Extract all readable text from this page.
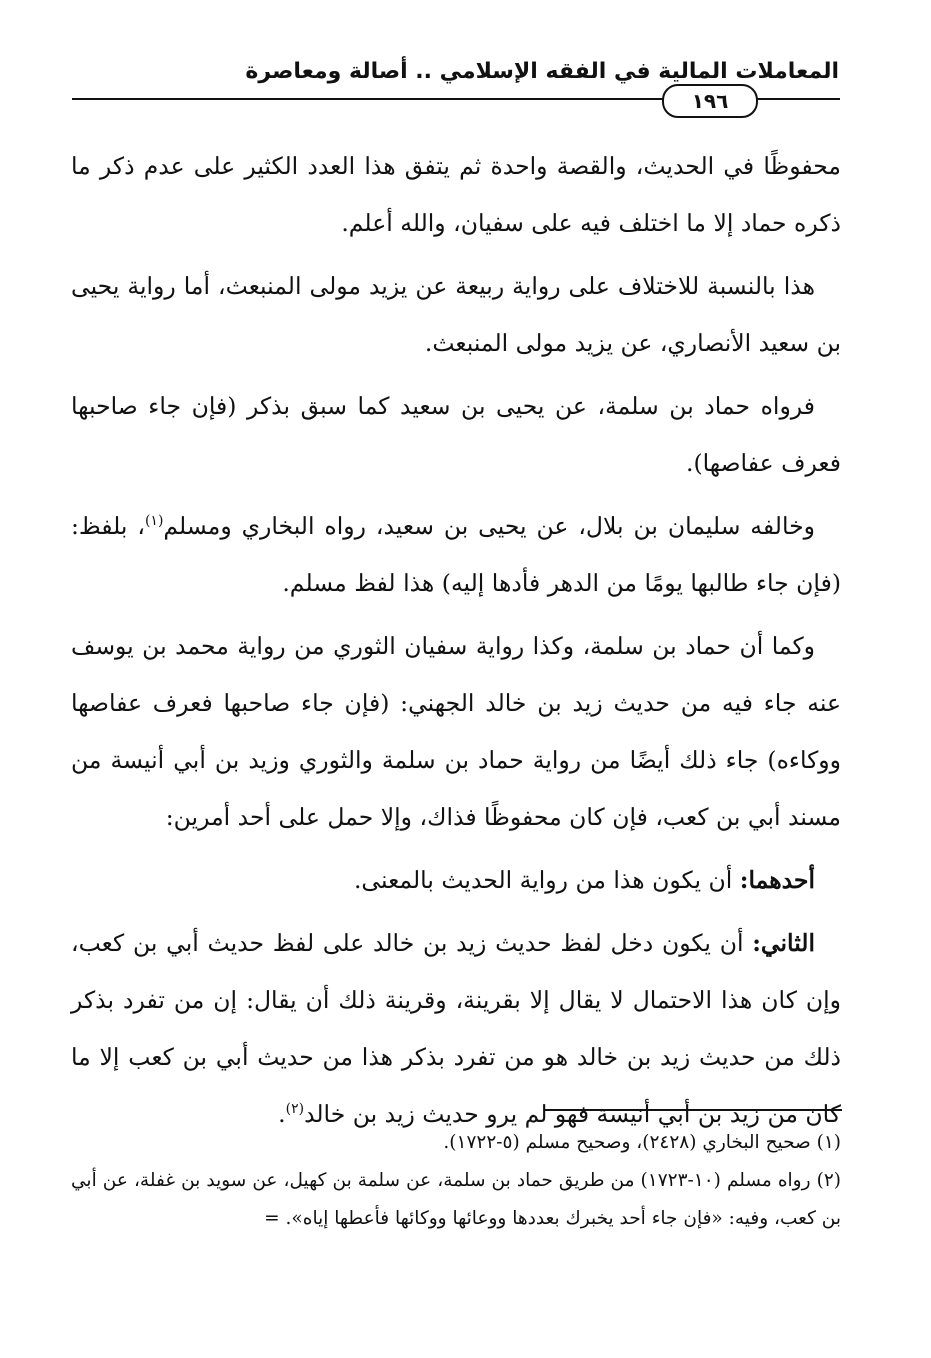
المعاملات المالية في الفقه الإسلامي .. أصالة ومعاصرة
١٩٦

محفوظًا في الحديث، والقصة واحدة ثم يتفق هذا العدد الكثير على عدم ذكر ما ذكره حماد إلا ما اختلف فيه على سفيان، والله أعلم.

هذا بالنسبة للاختلاف على رواية ربيعة عن يزيد مولى المنبعث، أما رواية يحيى بن سعيد الأنصاري، عن يزيد مولى المنبعث.

فرواه حماد بن سلمة، عن يحيى بن سعيد كما سبق بذكر (فإن جاء صاحبها فعرف عفاصها).

وخالفه سليمان بن بلال، عن يحيى بن سعيد، رواه البخاري ومسلم$^{(١)}$، بلفظ: (فإن جاء طالبها يومًا من الدهر فأدها إليه) هذا لفظ مسلم.

وكما أن حماد بن سلمة، وكذا رواية سفيان الثوري من رواية محمد بن يوسف عنه جاء فيه من حديث زيد بن خالد الجهني: (فإن جاء صاحبها فعرف عفاصها ووكاءه) جاء ذلك أيضًا من رواية حماد بن سلمة والثوري وزيد بن أبي أنيسة من مسند أبي بن كعب، فإن كان محفوظًا فذاك، وإلا حمل على أحد أمرين:

أحدهما: أن يكون هذا من رواية الحديث بالمعنى.

الثاني: أن يكون دخل لفظ حديث زيد بن خالد على لفظ حديث أبي بن كعب، وإن كان هذا الاحتمال لا يقال إلا بقرينة، وقرينة ذلك أن يقال: إن من تفرد بذكر ذلك من حديث زيد بن خالد هو من تفرد بذكر هذا من حديث أبي بن كعب إلا ما كان من زيد بن أبي أنيسة فهو لم يرو حديث زيد بن خالد$^{(٢)}$.

(١) صحيح البخاري (٢٤٢٨)، وصحيح مسلم (٥-١٧٢٢).

(٢) رواه مسلم (١٠-١٧٢٣) من طريق حماد بن سلمة، عن سلمة بن كهيل، عن سويد بن غفلة، عن أبي بن كعب، وفيه: «فإن جاء أحد يخبرك بعددها ووعائها ووكائها فأعطها إياه». =
